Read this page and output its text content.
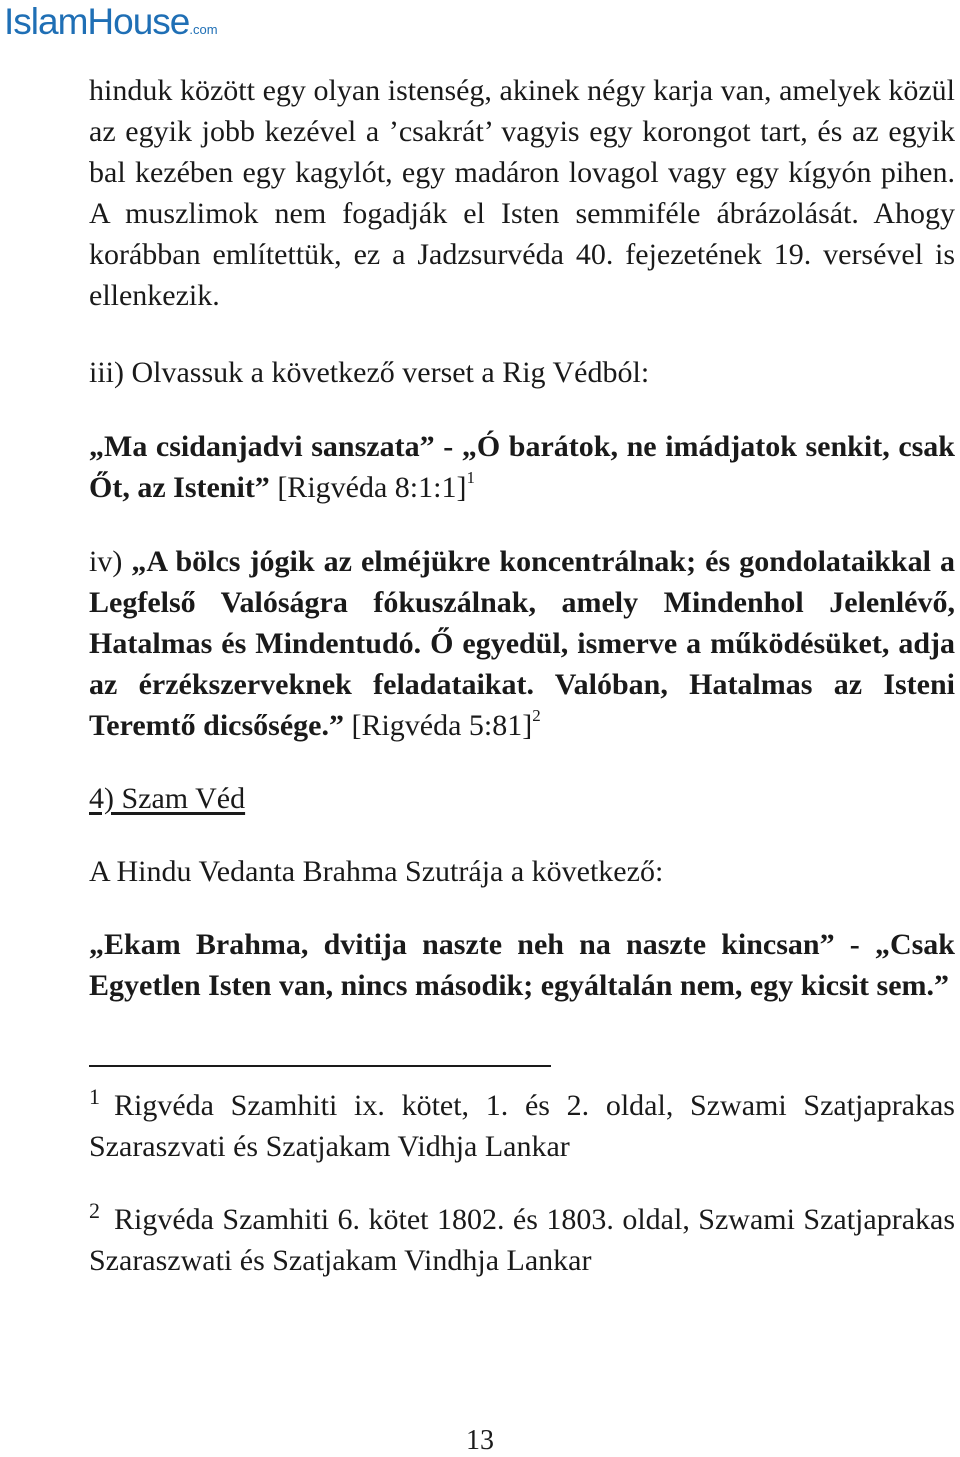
IslamHouse.com

hinduk között egy olyan istenség, akinek négy karja van, amelyek közül az egyik jobb kezével a ’csakrát’ vagyis egy korongot tart, és az egyik bal kezében egy kagylót, egy madáron lovagol vagy egy kígyón pihen. A muszlimok nem fogadják el Isten semmiféle ábrázolását. Ahogy korábban említettük, ez a Jadzsurvéda 40. fejezetének 19. versével is ellenkezik.

iii) Olvassuk a következő verset a Rig Védból:

„Ma csidanjadvi sanszata” - „Ó barátok, ne imádjatok senkit, csak Őt, az Istenit” [Rigvéda 8:1:1]$^1$

iv) „A bölcs jógik az elméjükre koncentrálnak; és gondolataikkal a Legfelső Valóságra fókuszálnak, amely Mindenhol Jelenlévő, Hatalmas és Mindentudó. Ő egyedül, ismerve a működésüket, adja az érzékszerveknek feladataikat. Valóban, Hatalmas az Isteni Teremtő dicsősége.” [Rigvéda 5:81]$^2$

4) Szam Véd

A Hindu Vedanta Brahma Szutrája a következő:

„Ekam Brahma, dvitija naszte neh na naszte kincsan” - „Csak Egyetlen Isten van, nincs második; egyáltalán nem, egy kicsit sem.”

$^1$ Rigvéda Szamhiti ix. kötet, 1. és 2. oldal, Szwami Szatjaprakas Szaraszvati és Szatjakam Vidhja Lankar

$^2$ Rigvéda Szamhiti 6. kötet 1802. és 1803. oldal, Szwami Szatjaprakas Szaraszwati és Szatjakam Vindhja Lankar

13
